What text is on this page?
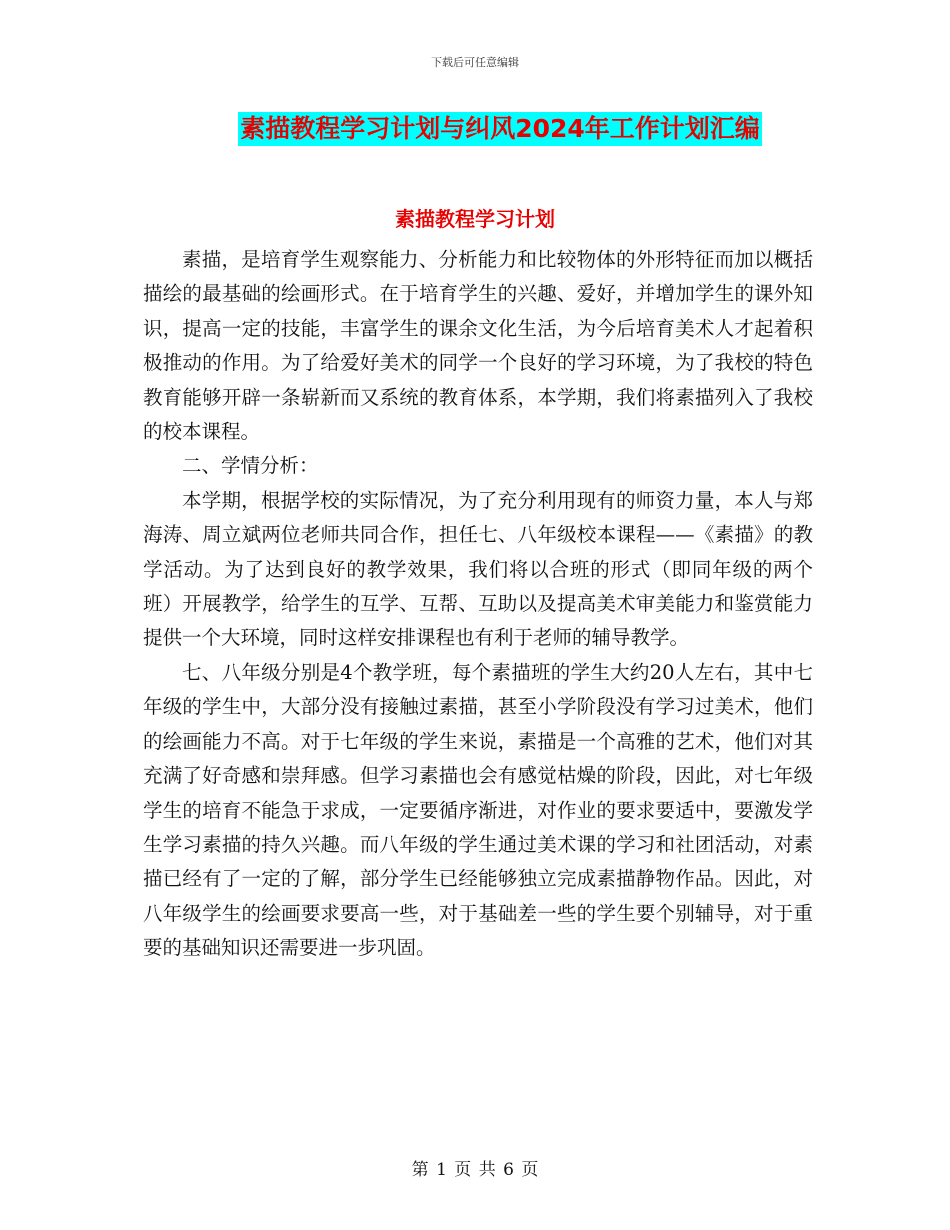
下载后可任意编辑
素描教程学习计划与纠风2024年工作计划汇编
素描教程学习计划

素描，是培育学生观察能力、分析能力和比较物体的外形特征而加以概括描绘的最基础的绘画形式。在于培育学生的兴趣、爱好，并增加学生的课外知识，提高一定的技能，丰富学生的课余文化生活，为今后培育美术人才起着积极推动的作用。为了给爱好美术的同学一个良好的学习环境，为了我校的特色教育能够开辟一条崭新而又系统的教育体系，本学期，我们将素描列入了我校的校本课程。

二、学情分析：

本学期，根据学校的实际情况，为了充分利用现有的师资力量，本人与郑海涛、周立斌两位老师共同合作，担任七、八年级校本课程——《素描》的教学活动。为了达到良好的教学效果，我们将以合班的形式（即同年级的两个班）开展教学，给学生的互学、互帮、互助以及提高美术审美能力和鉴赏能力提供一个大环境，同时这样安排课程也有利于老师的辅导教学。

七、八年级分别是4个教学班，每个素描班的学生大约20人左右，其中七年级的学生中，大部分没有接触过素描，甚至小学阶段没有学习过美术，他们的绘画能力不高。对于七年级的学生来说，素描是一个高雅的艺术，他们对其充满了好奇感和崇拜感。但学习素描也会有感觉枯燥的阶段，因此，对七年级学生的培育不能急于求成，一定要循序渐进，对作业的要求要适中，要激发学生学习素描的持久兴趣。而八年级的学生通过美术课的学习和社团活动，对素描已经有了一定的了解，部分学生已经能够独立完成素描静物作品。因此，对八年级学生的绘画要求要高一些，对于基础差一些的学生要个别辅导，对于重要的基础知识还需要进一步巩固。

第 1 页 共 6 页
